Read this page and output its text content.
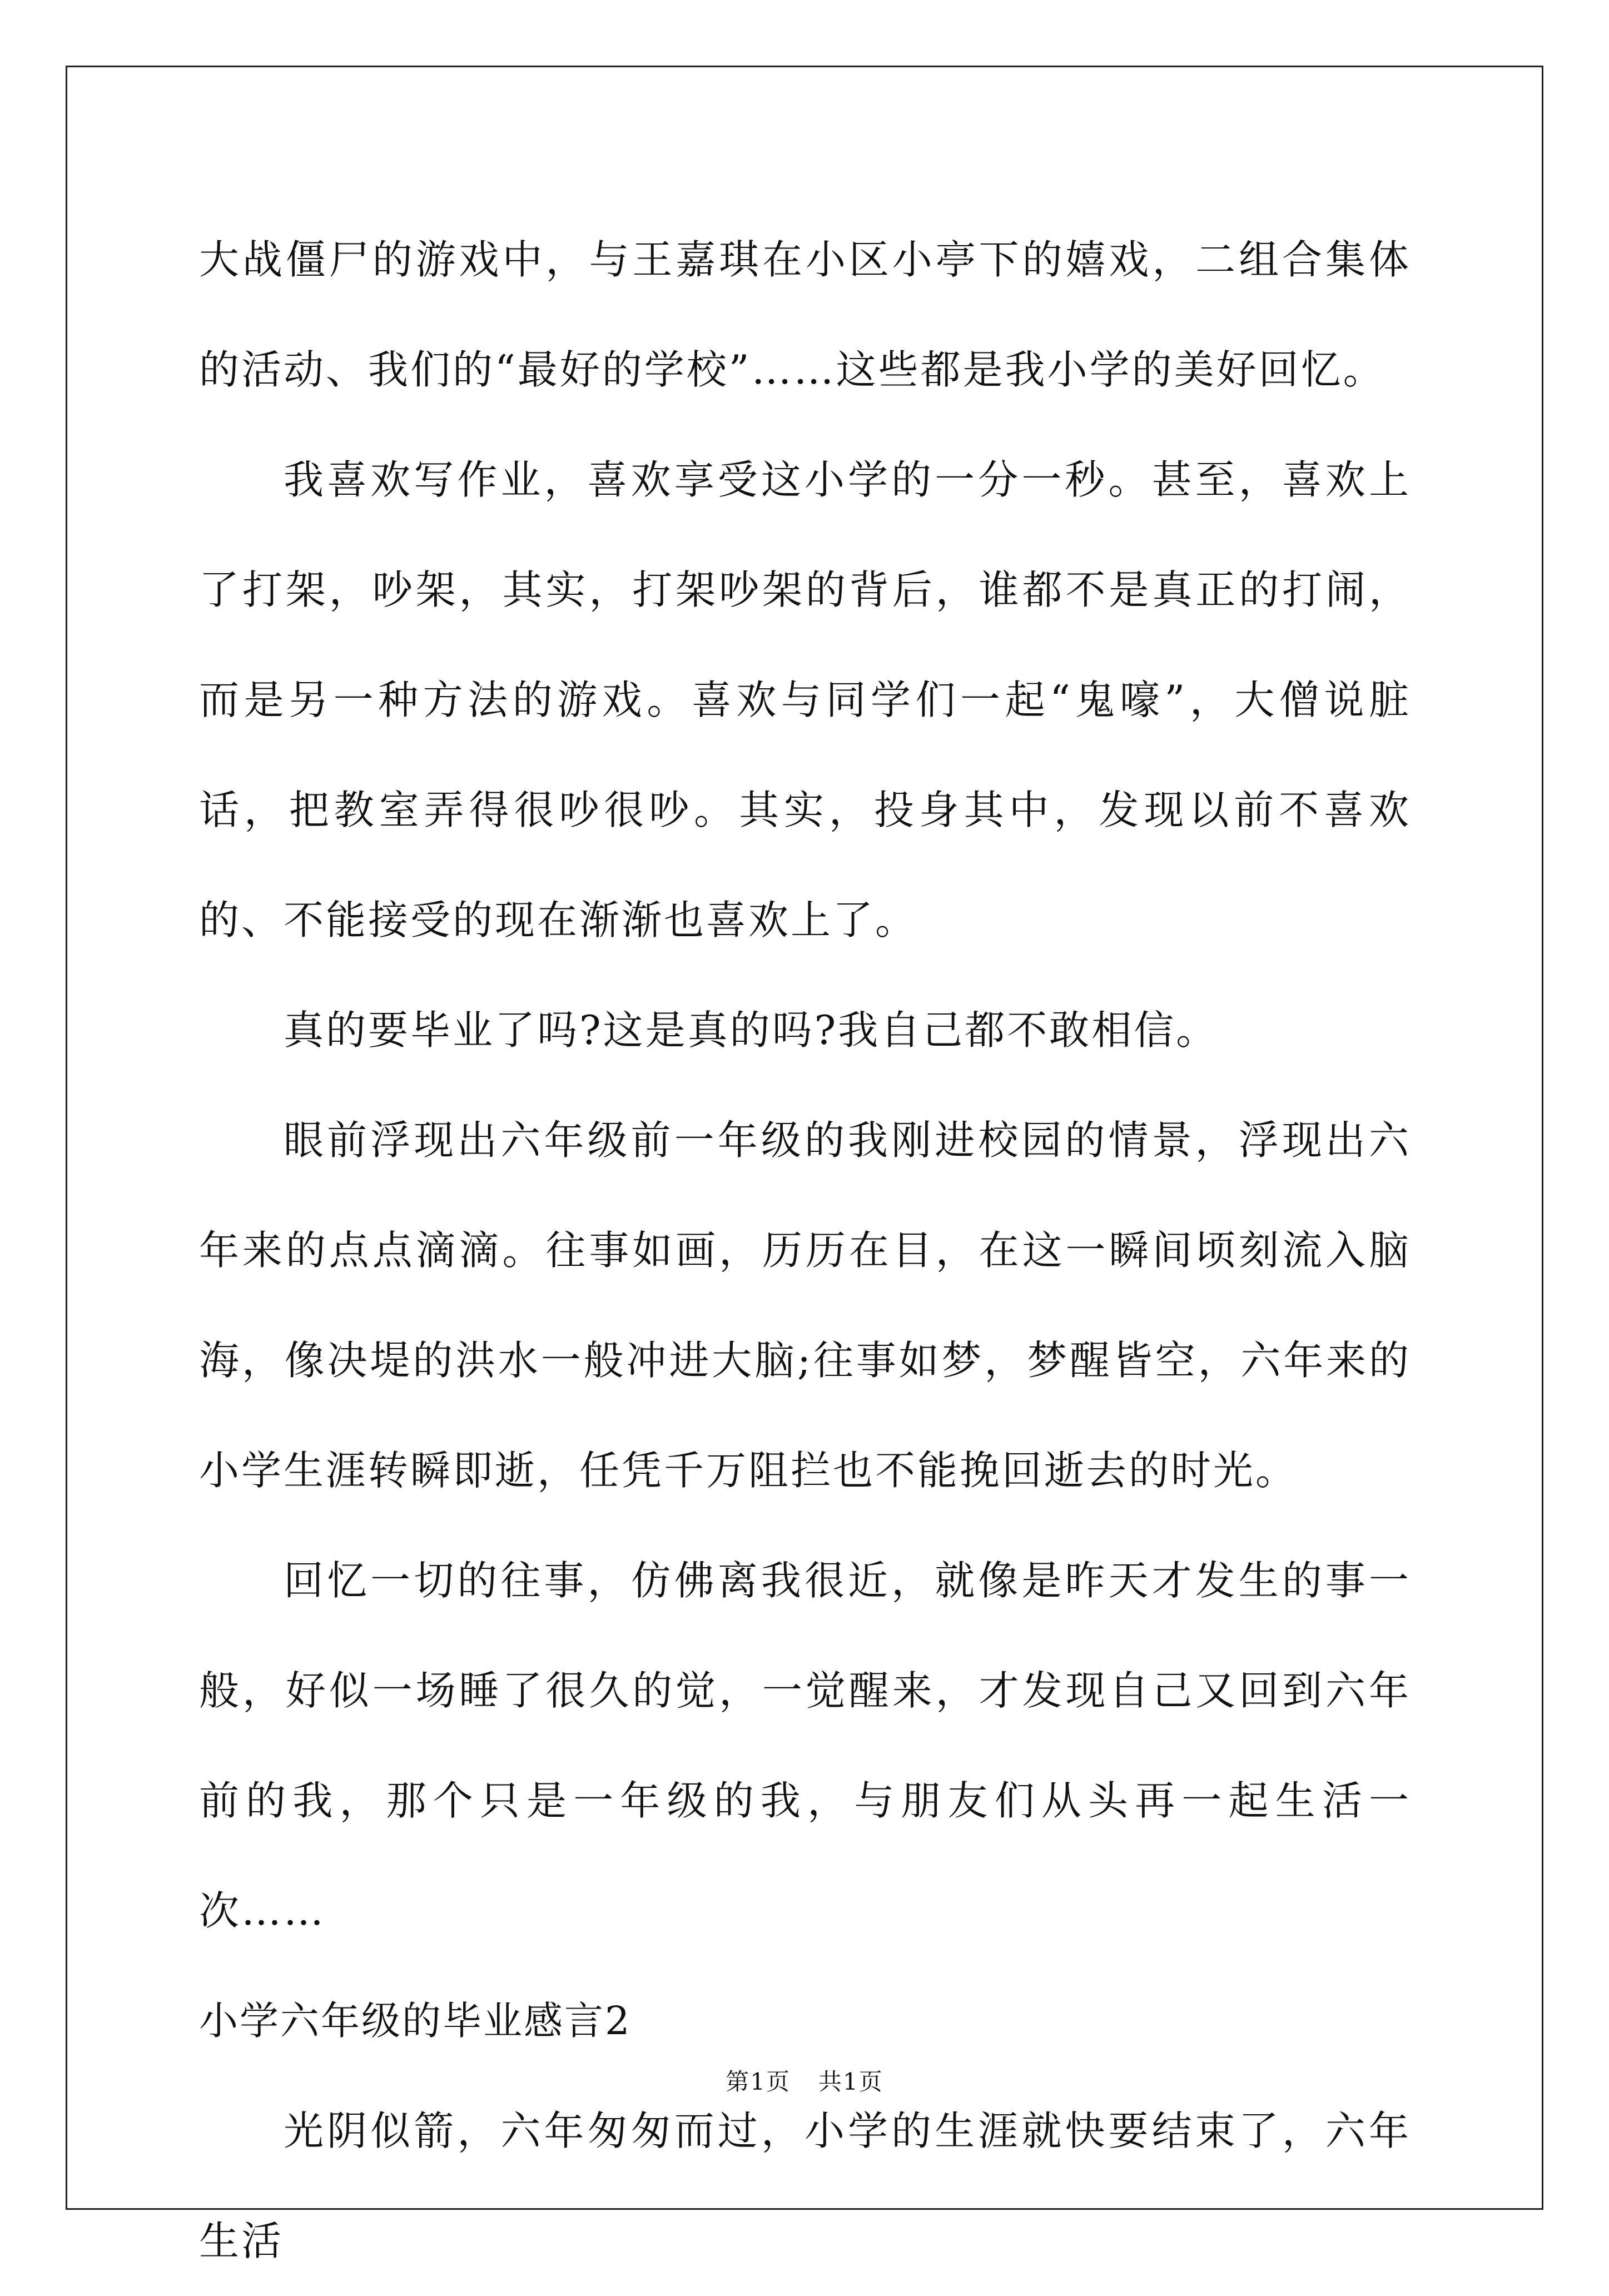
大战僵尸的游戏中，与王嘉琪在小区小亭下的嬉戏，二组合集体的活动、我们的“最好的学校”……这些都是我小学的美好回忆。

我喜欢写作业，喜欢享受这小学的一分一秒。甚至，喜欢上了打架，吵架，其实，打架吵架的背后，谁都不是真正的打闹，而是另一种方法的游戏。喜欢与同学们一起“鬼嚎”，大僧说脏话，把教室弄得很吵很吵。其实，投身其中，发现以前不喜欢的、不能接受的现在渐渐也喜欢上了。

真的要毕业了吗?这是真的吗?我自己都不敢相信。

眼前浮现出六年级前一年级的我刚进校园的情景，浮现出六年来的点点滴滴。往事如画，历历在目，在这一瞬间顷刻流入脑海，像决堤的洪水一般冲进大脑;往事如梦，梦醒皆空，六年来的小学生涯转瞬即逝，任凭千万阻拦也不能挽回逝去的时光。

回忆一切的往事，仿佛离我很近，就像是昨天才发生的事一般，好似一场睡了很久的觉，一觉醒来，才发现自己又回到六年前的我，那个只是一年级的我，与朋友们从头再一起生活一次……

小学六年级的毕业感言2

光阴似箭，六年匆匆而过，小学的生涯就快要结束了，六年生活

第1页 共1页
